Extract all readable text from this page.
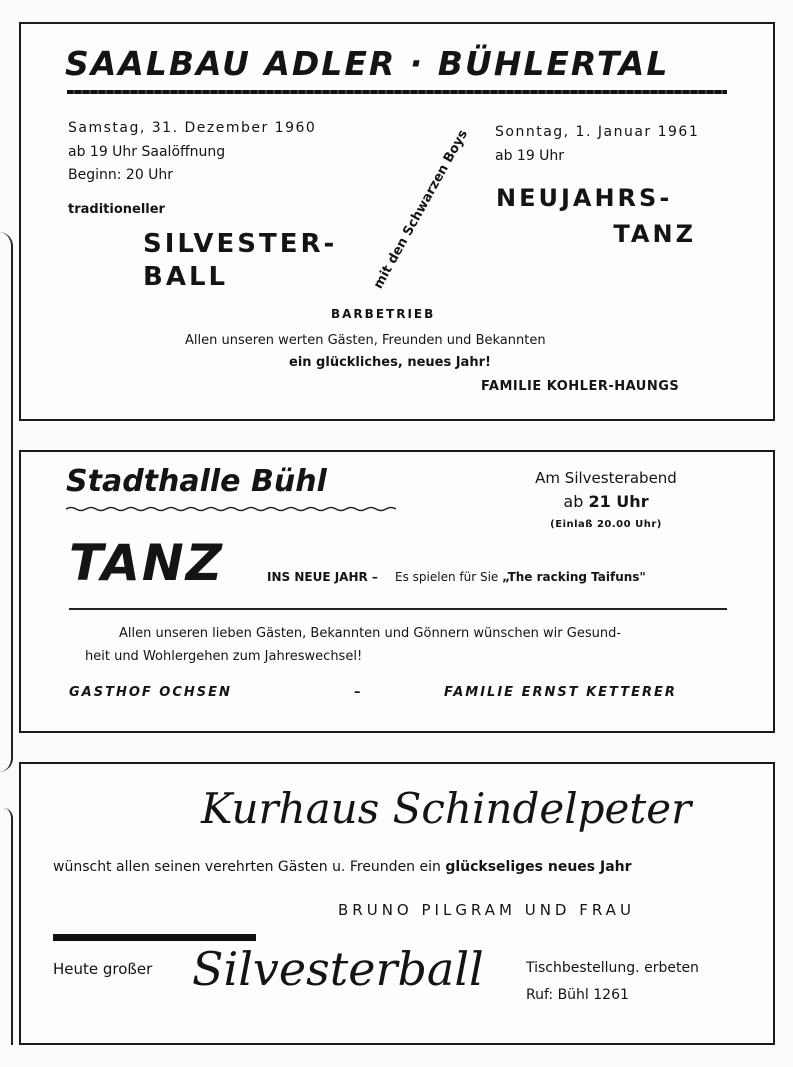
SAALBAU ADLER · BÜHLERTAL
Samstag, 31. Dezember 1960
ab 19 Uhr Saalöffnung
Beginn: 20 Uhr
traditioneller
SILVESTER-
BALL	mit den Schwarzen Boys	Sonntag, 1. Januar 1961
ab 19 Uhr
NEUJAHRS-
TANZ
BARBETRIEB
Allen unseren werten Gästen, Freunden und Bekannten
ein glückliches, neues Jahr!
FAMILIE KOHLER-HAUNGS
Stadthalle Bühl	Am Silvesterabend
ab 21 Uhr
(Einlaß 20.00 Uhr)
TANZ	INS NEUE JAHR – Es spielen für Sie „The racking Taifuns"
Allen unseren lieben Gästen, Bekannten und Gönnern wünschen wir Gesund-
heit und Wohlergehen zum Jahreswechsel!
GASTHOF OCHSEN	–	FAMILIE ERNST KETTERER
Kurhaus Schindelpeter
wünscht allen seinen verehrten Gästen u. Freunden ein glückseliges neues Jahr
BRUNO PILGRAM UND FRAU
Heute großer Silvesterball	Tischbestellung. erbeten
Ruf: Bühl 1261
